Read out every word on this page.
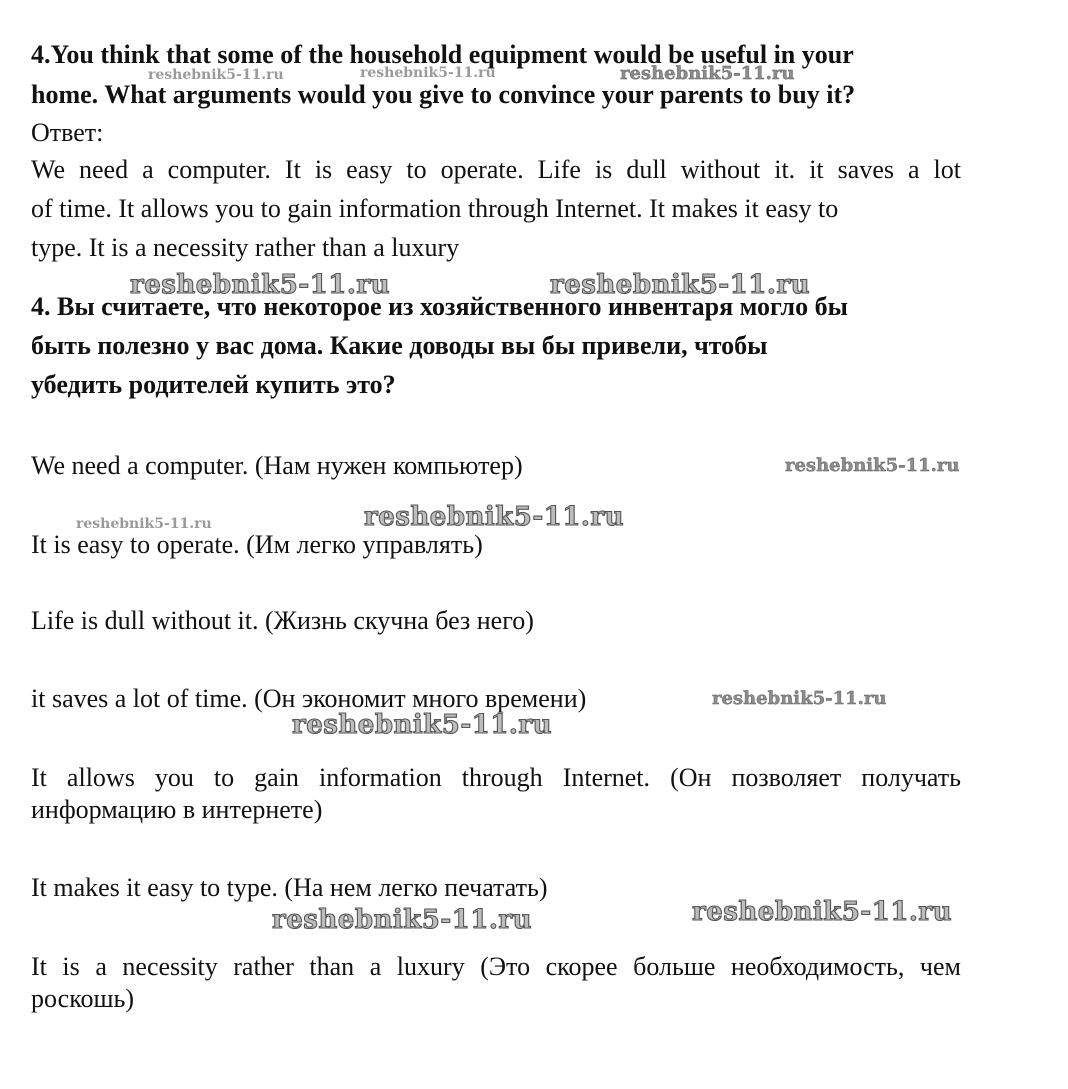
4.You think that some of the household equipment would be useful in your
home. What arguments would you give to convince your parents to buy it?
Ответ:
We need a computer. It is easy to operate. Life is dull without it. it saves a lot
of time. It allows you to gain information through Internet. It makes it easy to
type. It is a necessity rather than a luxury
4. Вы считаете, что некоторое из хозяйственного инвентаря могло бы
быть полезно у вас дома. Какие доводы вы бы привели, чтобы
убедить родителей купить это?
We need a computer. (Нам нужен компьютер)
It is easy to operate. (Им легко управлять)
Life is dull without it. (Жизнь скучна без него)
it saves a lot of time. (Он экономит много времени)
It allows you to gain information through Internet. (Он позволяет получать
информацию в интернете)
It makes it easy to type. (На нем легко печатать)
It is a necessity rather than a luxury (Это скорее больше необходимость, чем
роскошь)
reshebnik5-11.ru	reshebnik5-11.ru	reshebnik5-11.ru
reshebnik5-11.ru	reshebnik5-11.ru
reshebnik5-11.ru
reshebnik5-11.ru
reshebnik5-11.ru
reshebnik5-11.ru
reshebnik5-11.ru
reshebnik5-11.ru
reshebnik5-11.ru
